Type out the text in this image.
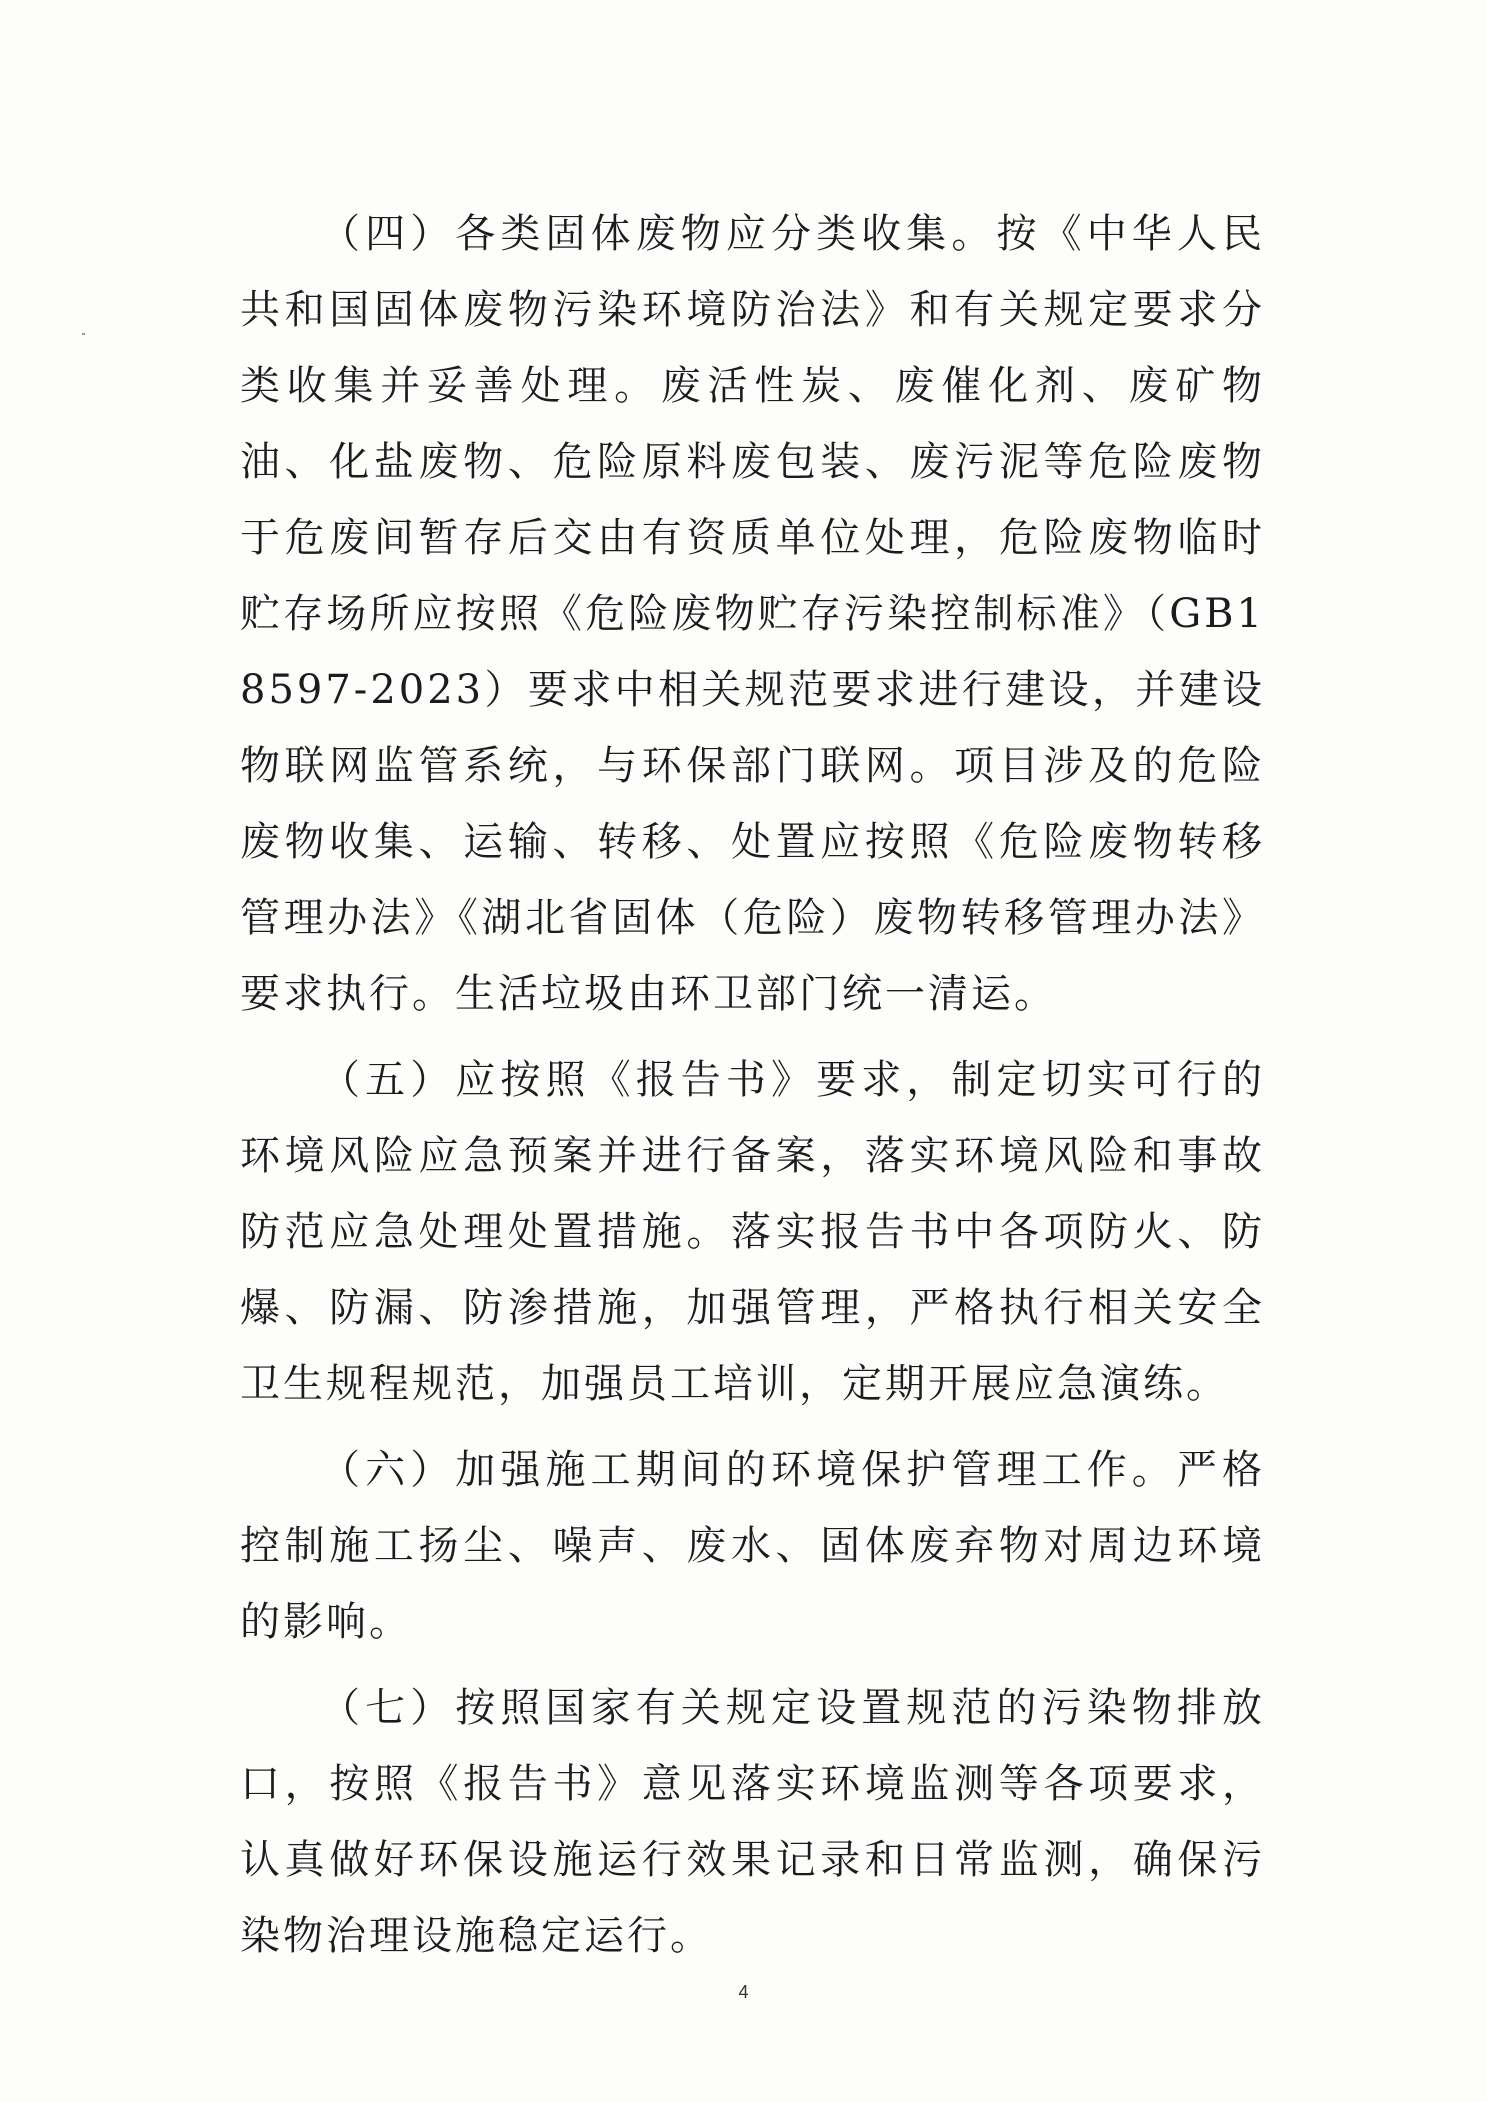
（四）各类固体废物应分类收集。按《中华人民共和国固体废物污染环境防治法》和有关规定要求分类收集并妥善处理。废活性炭、废催化剂、废矿物油、化盐废物、危险原料废包装、废污泥等危险废物于危废间暂存后交由有资质单位处理，危险废物临时贮存场所应按照《危险废物贮存污染控制标准》（GB18597-2023）要求中相关规范要求进行建设，并建设物联网监管系统，与环保部门联网。项目涉及的危险废物收集、运输、转移、处置应按照《危险废物转移管理办法》《湖北省固体（危险）废物转移管理办法》要求执行。生活垃圾由环卫部门统一清运。

（五）应按照《报告书》要求，制定切实可行的环境风险应急预案并进行备案，落实环境风险和事故防范应急处理处置措施。落实报告书中各项防火、防爆、防漏、防渗措施，加强管理，严格执行相关安全卫生规程规范，加强员工培训，定期开展应急演练。

（六）加强施工期间的环境保护管理工作。严格控制施工扬尘、噪声、废水、固体废弃物对周边环境的影响。

（七）按照国家有关规定设置规范的污染物排放口，按照《报告书》意见落实环境监测等各项要求，认真做好环保设施运行效果记录和日常监测，确保污染物治理设施稳定运行。

4
